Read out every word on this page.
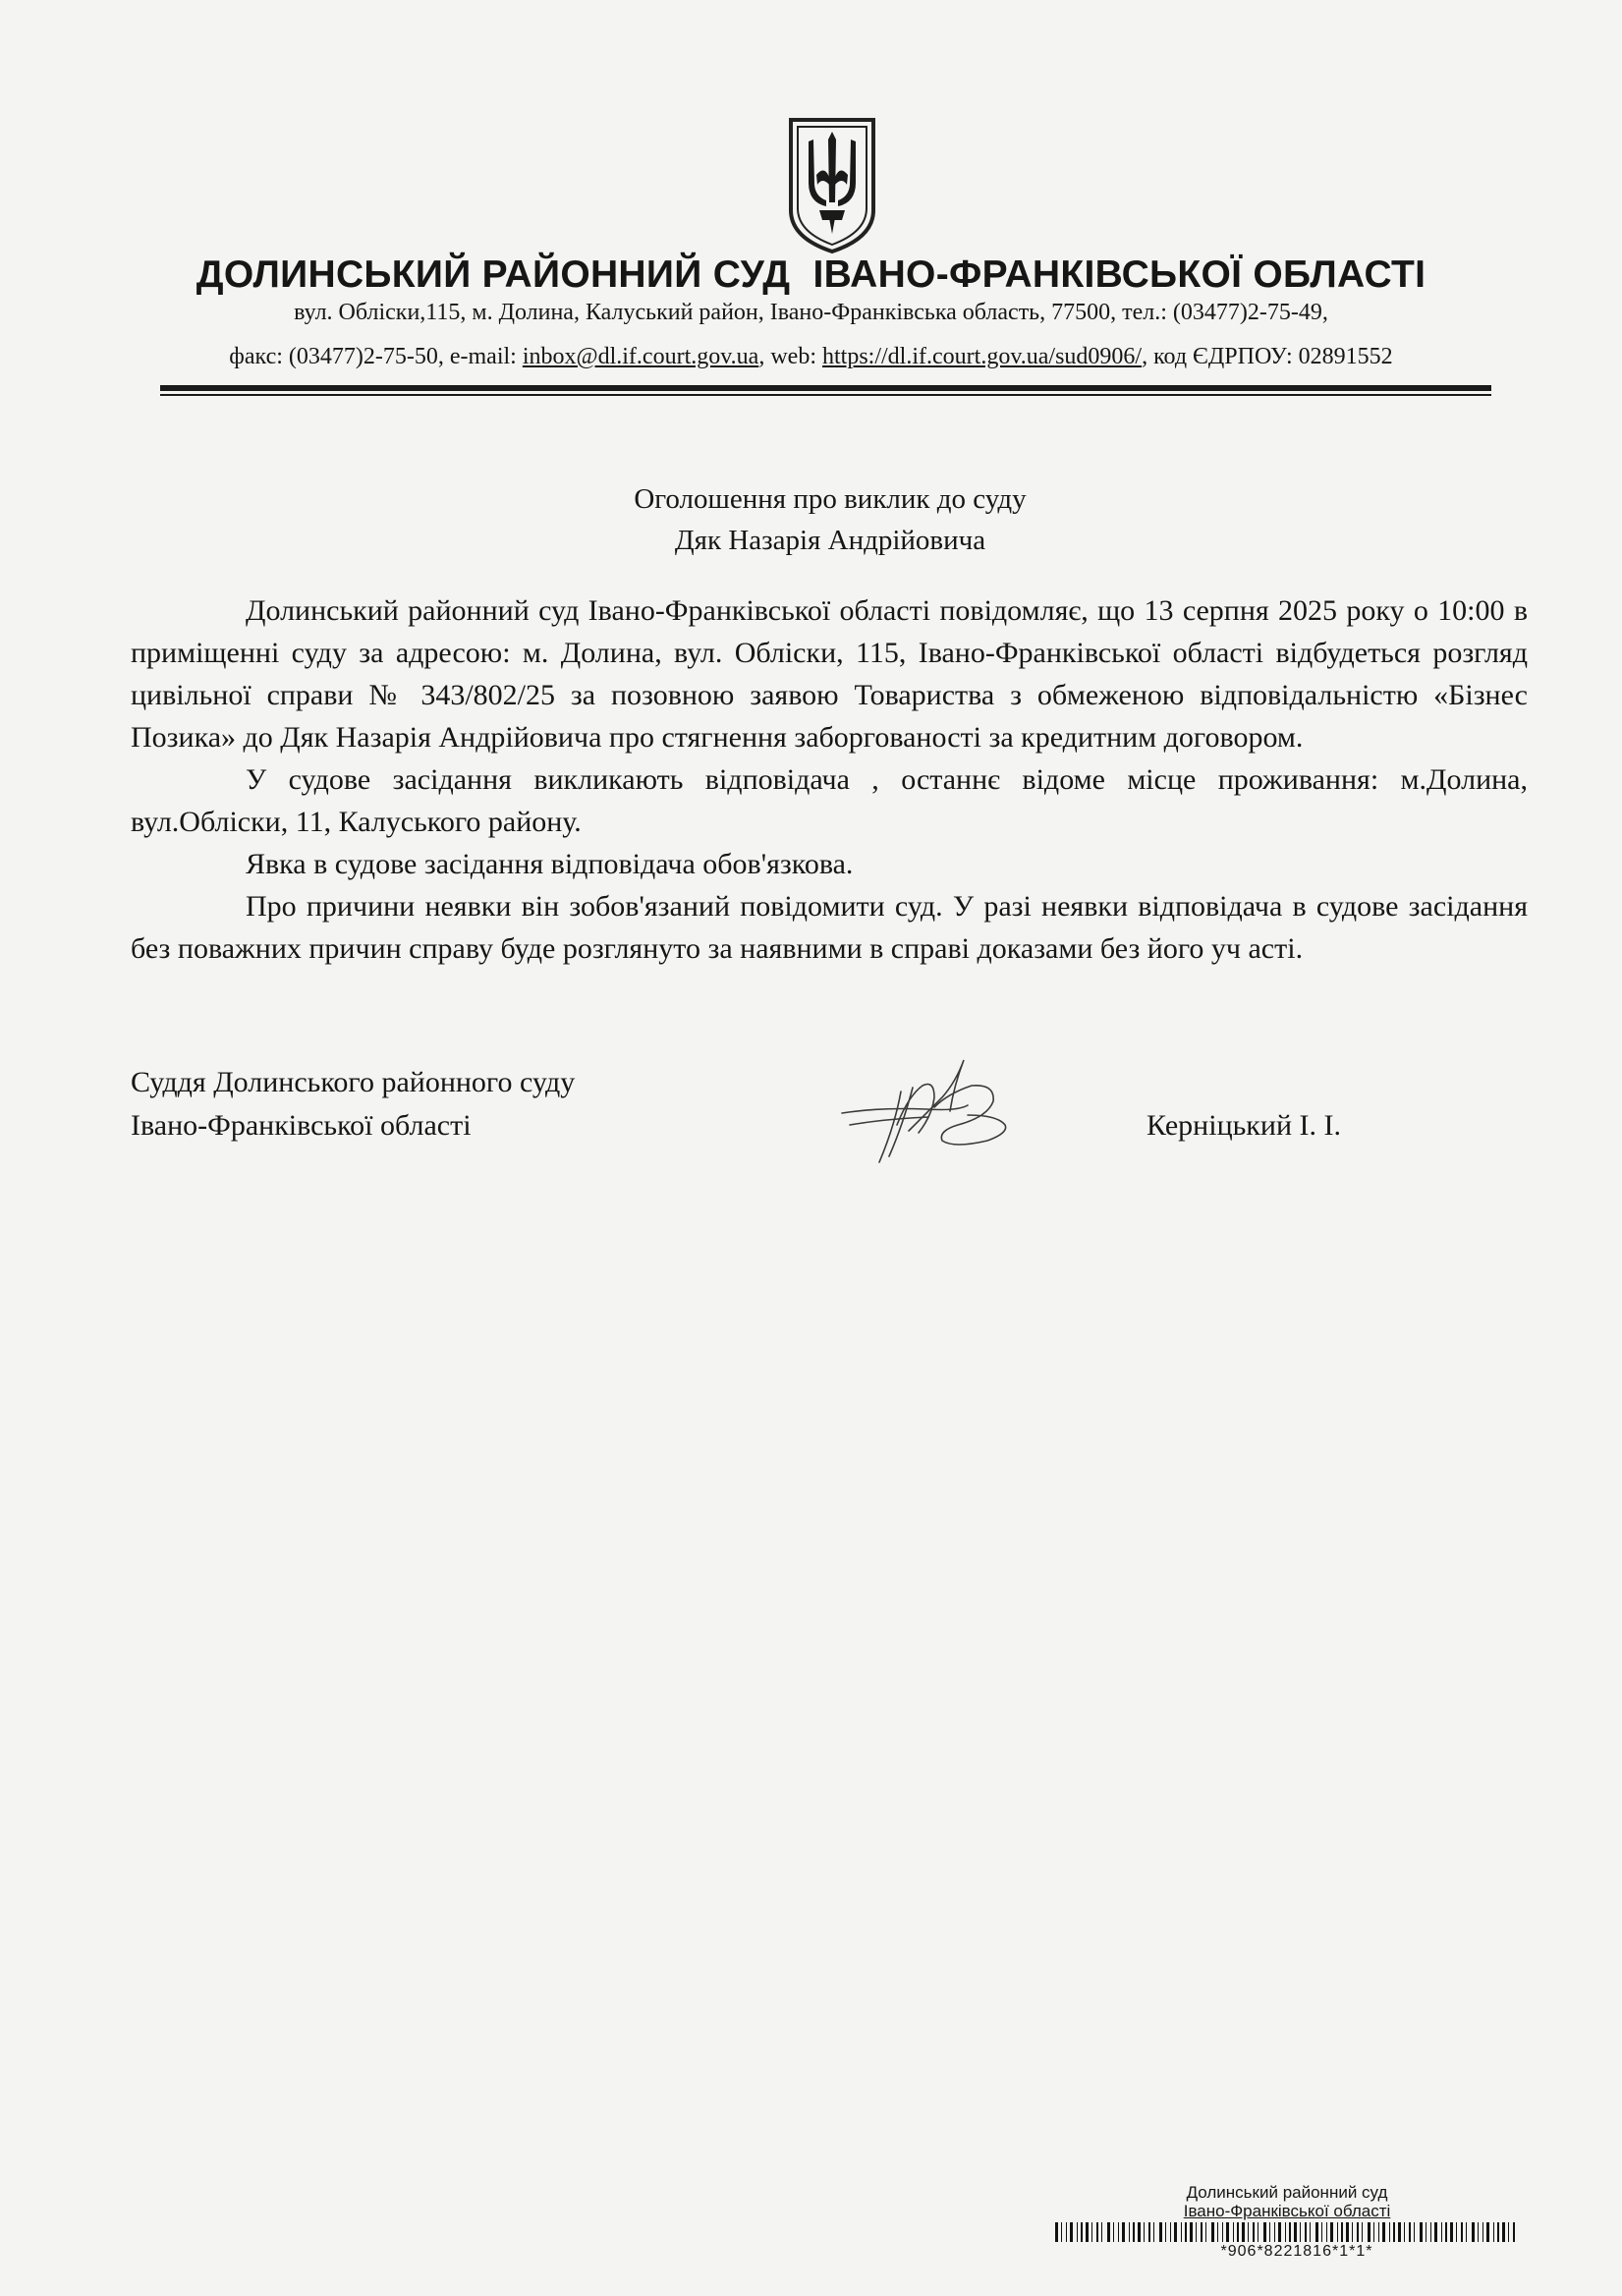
ДОЛИНСЬКИЙ РАЙОННИЙ СУД ІВАНО-ФРАНКІВСЬКОЇ ОБЛАСТІ
вул. Обліски,115, м. Долина, Калуський район, Івано-Франківська область, 77500, тел.: (03477)2-75-49,
факс: (03477)2-75-50, e-mail: inbox@dl.if.court.gov.ua, web: https://dl.if.court.gov.ua/sud0906/, код ЄДРПОУ: 02891552
Оголошення про виклик до суду
Дяк Назарія Андрійовича

Долинський районний суд Івано-Франківської області повідомляє, що 13 серпня 2025 року о 10:00 в приміщенні суду за адресою: м. Долина, вул. Обліски, 115, Івано-Франківської області відбудеться розгляд цивільної справи № 343/802/25 за позовною заявою Товариства з обмеженою відповідальністю «Бізнес Позика» до Дяк Назарія Андрійовича про стягнення заборгованості за кредитним договором.

У судове засідання викликають відповідача , останнє відоме місце проживання: м.Долина, вул.Обліски, 11, Калуського району.

Явка в судове засідання відповідача обов'язкова.

Про причини неявки він зобов'язаний повідомити суд. У разі неявки відповідача в судове засідання без поважних причин справу буде розглянуто за наявними в справі доказами без його уч асті.

Суддя Долинського районного суду
Івано-Франківської області	Керніцький І. І.
Долинський районний суд
Івано-Франківської області
*906*8221816*1*1*
